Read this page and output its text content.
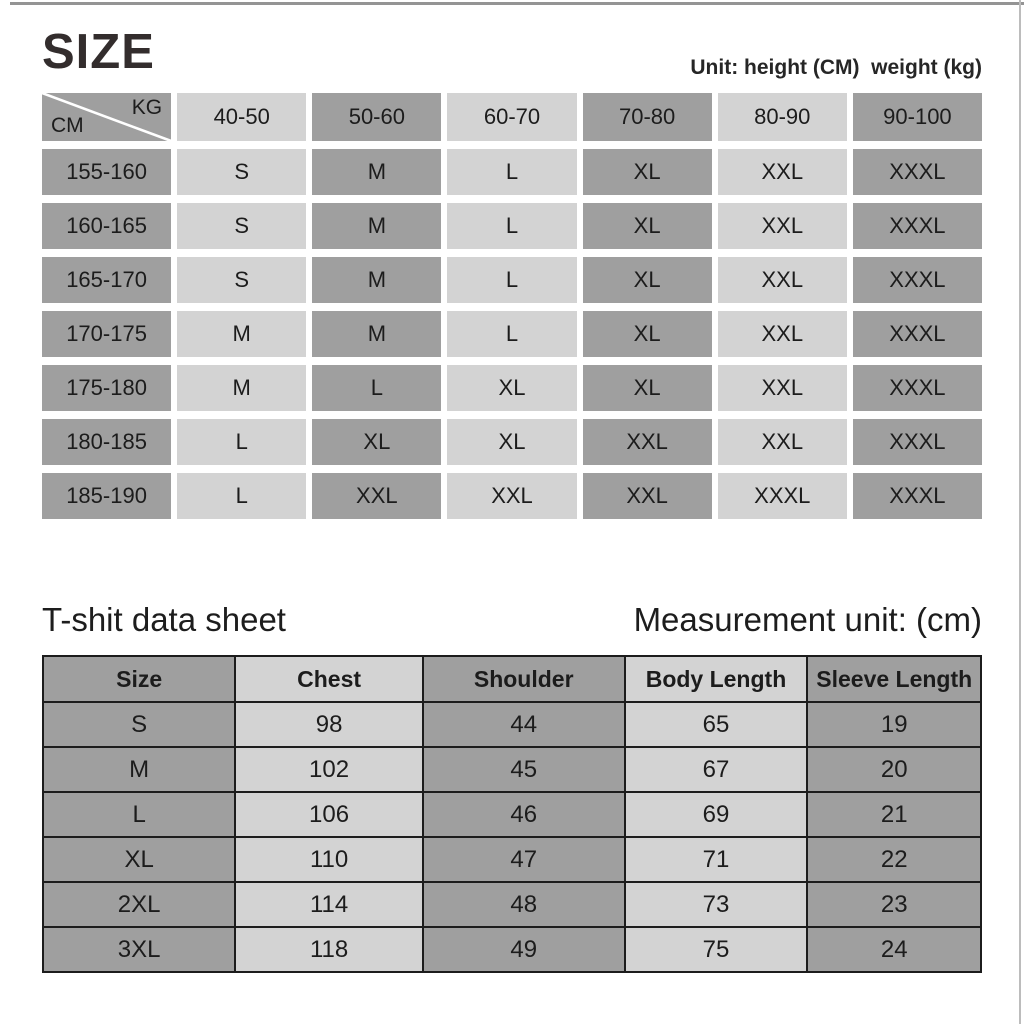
SIZE	Unit: height (CM)  weight (kg)
KG
CM	40-50	50-60	60-70	70-80	80-90	90-100
155-160	S	M	L	XL	XXL	XXXL
160-165	S	M	L	XL	XXL	XXXL
165-170	S	M	L	XL	XXL	XXXL
170-175	M	M	L	XL	XXL	XXXL
175-180	M	L	XL	XL	XXL	XXXL
180-185	L	XL	XL	XXL	XXL	XXXL
185-190	L	XXL	XXL	XXL	XXXL	XXXL
T-shit data sheet	Measurement unit: (cm)
Size	Chest	Shoulder	Body Length	Sleeve Length
S	98	44	65	19
M	102	45	67	20
L	106	46	69	21
XL	110	47	71	22
2XL	114	48	73	23
3XL	118	49	75	24
